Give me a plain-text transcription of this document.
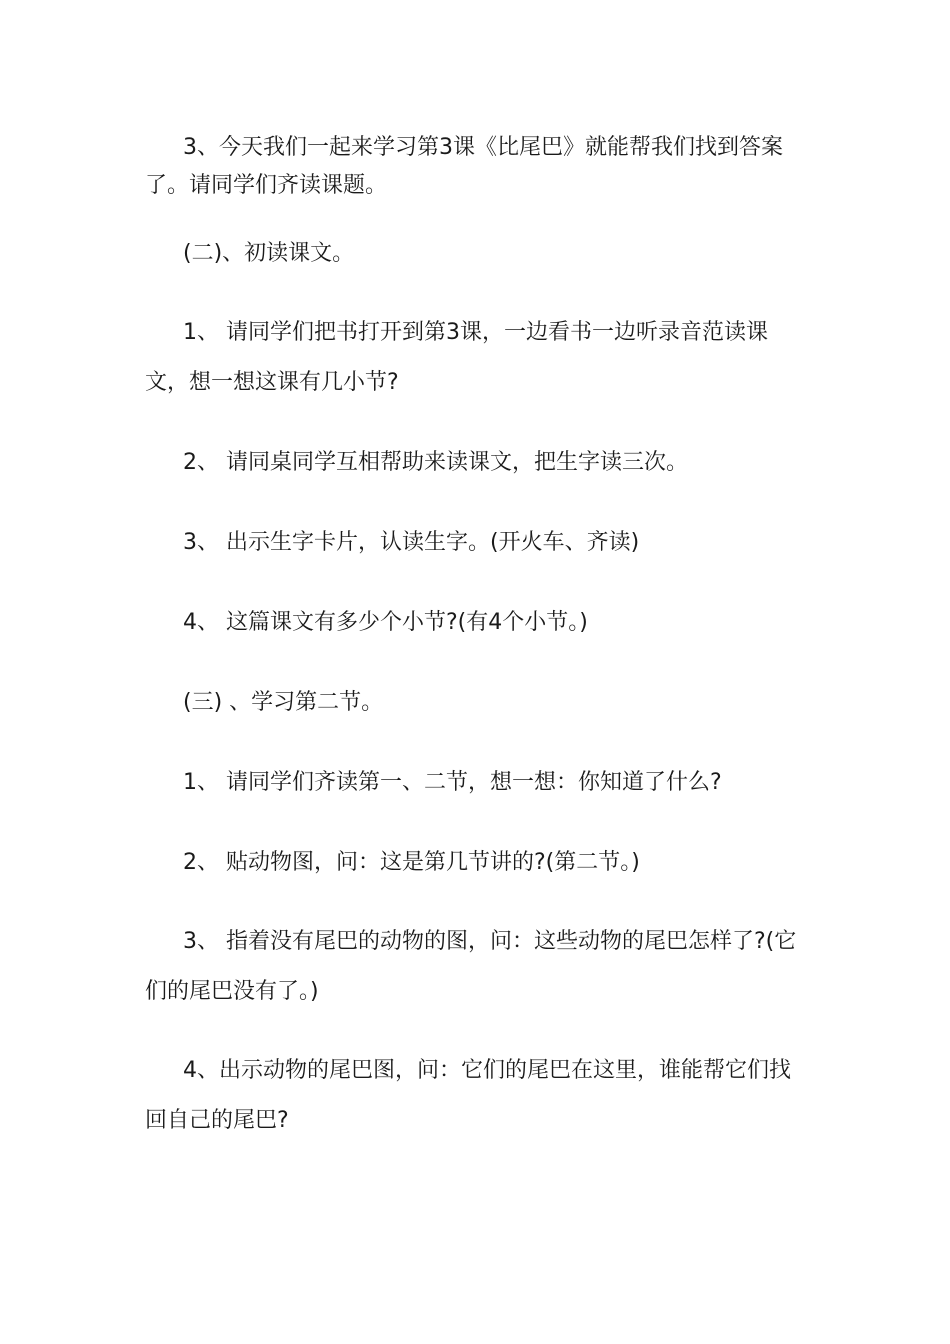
3、今天我们一起来学习第3课《比尾巴》就能帮我们找到答案了。请同学们齐读课题。

(二)、初读课文。

1、 请同学们把书打开到第3课，一边看书一边听录音范读课文，想一想这课有几小节?

2、 请同桌同学互相帮助来读课文，把生字读三次。

3、 出示生字卡片，认读生字。(开火车、齐读)

4、 这篇课文有多少个小节?(有4个小节。)

(三) 、学习第二节。

1、 请同学们齐读第一、二节，想一想：你知道了什么?

2、 贴动物图，问：这是第几节讲的?(第二节。)

3、 指着没有尾巴的动物的图，问：这些动物的尾巴怎样了?(它们的尾巴没有了。)

4、出示动物的尾巴图，问：它们的尾巴在这里，谁能帮它们找回自己的尾巴?
